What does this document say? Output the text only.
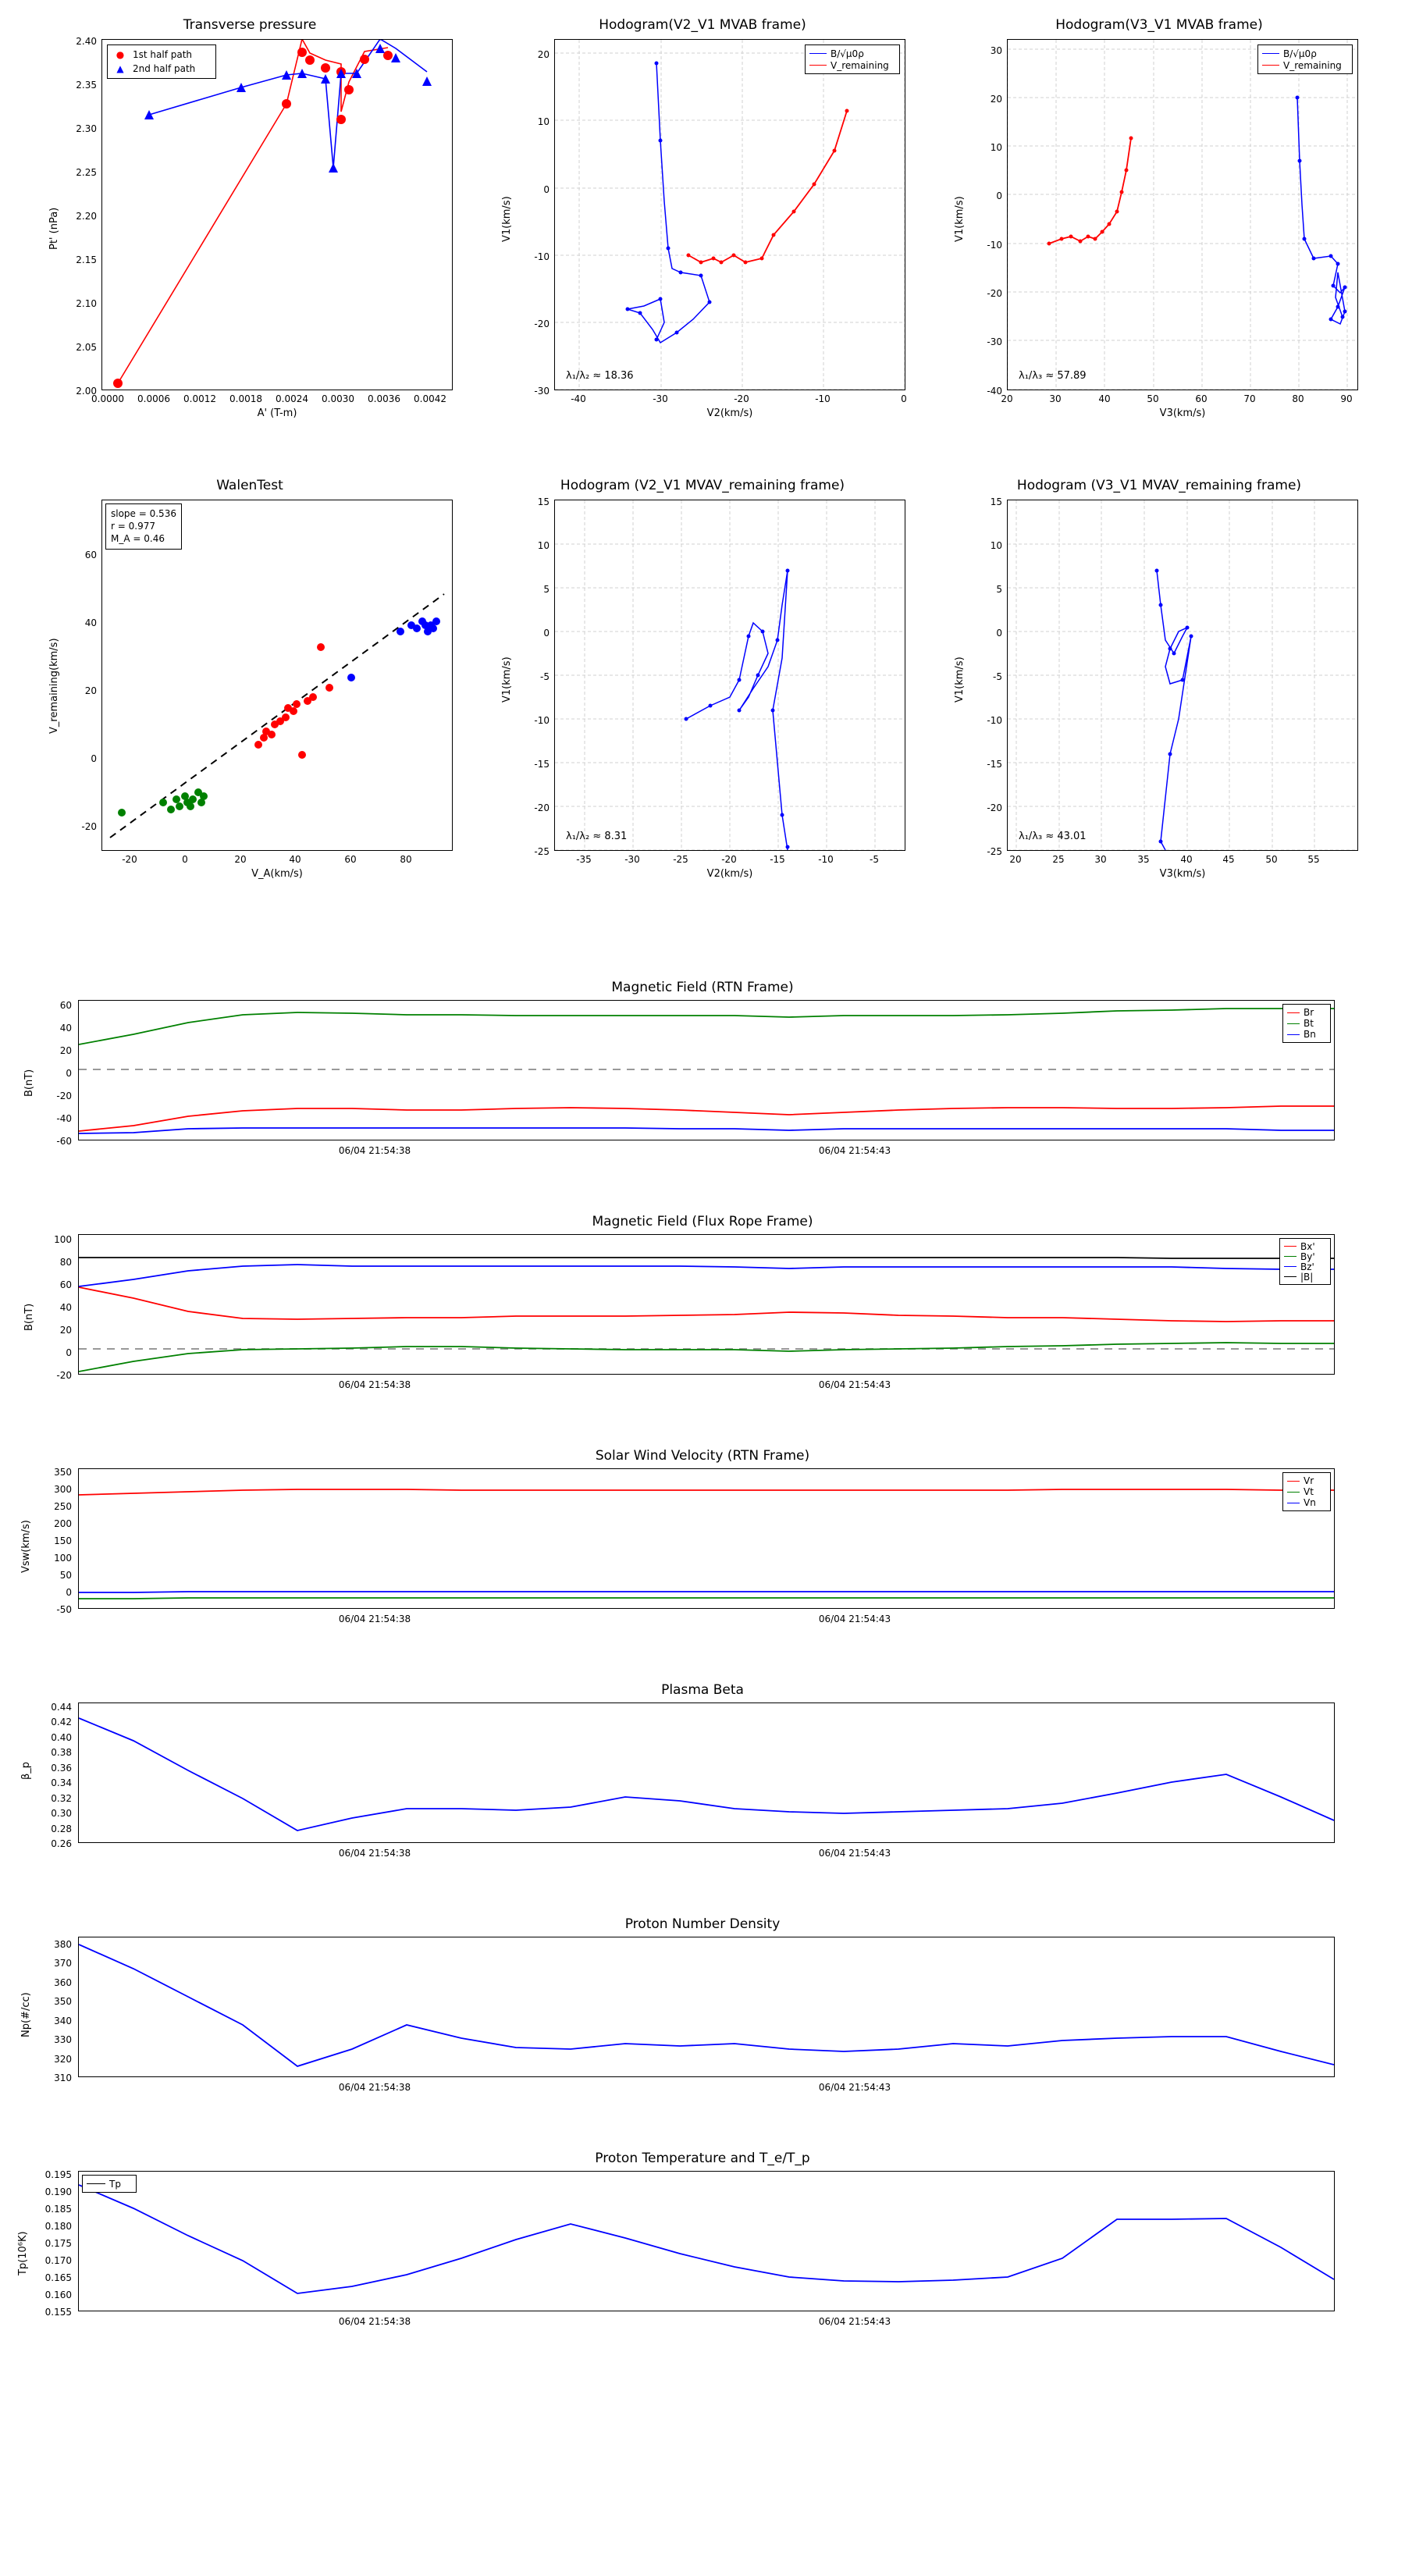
Transverse pressure
● 1st half path
▲ 2nd half path
2.00
2.05
2.10
2.15
2.20
2.25
2.30
2.35
2.40
0.0000	0.0006	0.0012	0.0018	0.0024	0.0030	0.0036	0.0042
A' (T-m)
Pt' (nPa)
Hodogram(V2_V1 MVAB frame)
B/√μ0ρ
V_remaining
λ₁/λ₂ ≈ 18.36
-30
-20
-10
0
10
20
-40	-30	-20	-10	0
V2(km/s)
V1(km/s)
Hodogram(V3_V1 MVAB frame)
B/√μ0ρ
V_remaining
λ₁/λ₃ ≈ 57.89
-40
-30
-20
-10
0
10
20
30
20	30	40	50	60	70	80	90
V3(km/s)
V1(km/s)
WalenTest
slope = 0.536
r = 0.977
M_A = 0.46
-20
0
20
40
60
-20	0	20	40	60	80
V_A(km/s)
V_remaining(km/s)
Hodogram (V2_V1 MVAV_remaining frame)
λ₁/λ₂ ≈ 8.31
-25
-20
-15
-10
-5
0
5
10
15
-35	-30	-25	-20	-15	-10	-5
V2(km/s)
V1(km/s)
Hodogram (V3_V1 MVAV_remaining frame)
λ₁/λ₃ ≈ 43.01
-25
-20
-15
-10
-5
0
5
10
15
20	25	30	35	40	45	50	55
V3(km/s)
V1(km/s)
Magnetic Field (RTN Frame)
Br
Bt
Bn
-60
-40
-20
0
20
40
60
06/04 21:54:38	06/04 21:54:43
B(nT)
Magnetic Field (Flux Rope Frame)
Bx'
By'
Bz'
|B|
-20
0
20
40
60
80
100
06/04 21:54:38	06/04 21:54:43
B(nT)
Solar Wind Velocity (RTN Frame)
Vr
Vt
Vn
-50
0
50
100
150
200
250
300
350
06/04 21:54:38	06/04 21:54:43
Vsw(km/s)
Plasma Beta
0.26
0.28
0.30
0.32
0.34
0.36
0.38
0.40
0.42
0.44
06/04 21:54:38	06/04 21:54:43
β_p
Proton Number Density
310
320
330
340
350
360
370
380
06/04 21:54:38	06/04 21:54:43
Np(#/cc)
Proton Temperature and T_e/T_p
Tp
0.155
0.160
0.165
0.170
0.175
0.180
0.185
0.190
0.195
06/04 21:54:38	06/04 21:54:43
Tp(10⁶K)
